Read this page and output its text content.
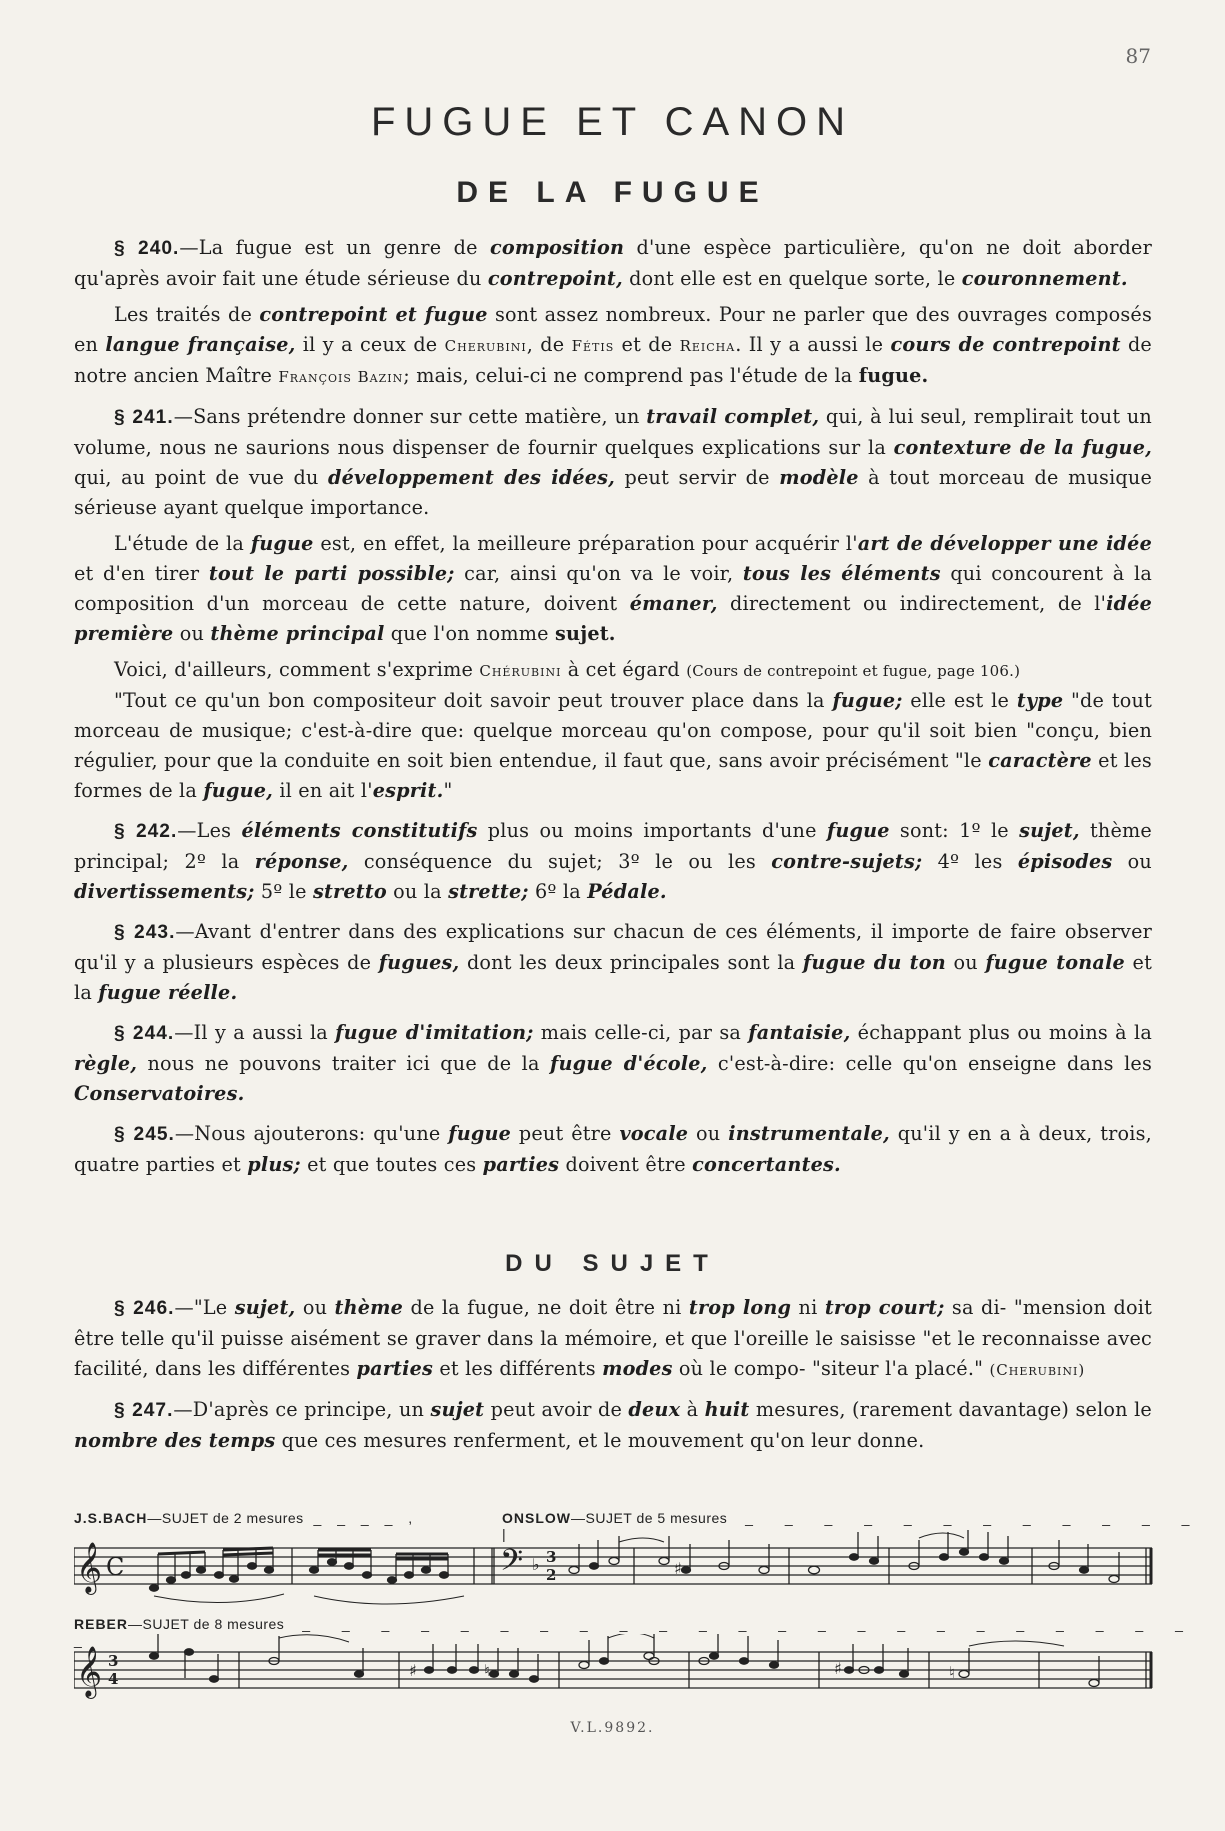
87
FUGUE ET CANON
DE LA FUGUE

§ 240.—La fugue est un genre de composition d'une espèce particulière, qu'on ne doit aborder qu'après avoir fait une étude sérieuse du contrepoint, dont elle est en quelque sorte, le couronnement.

Les traités de contrepoint et fugue sont assez nombreux. Pour ne parler que des ouvrages composés en langue française, il y a ceux de Cherubini, de Fétis et de Reicha. Il y a aussi le cours de contrepoint de notre ancien Maître François Bazin; mais, celui-ci ne comprend pas l'étude de la fugue.

§ 241.—Sans prétendre donner sur cette matière, un travail complet, qui, à lui seul, remplirait tout un volume, nous ne saurions nous dispenser de fournir quelques explications sur la contexture de la fugue, qui, au point de vue du développement des idées, peut servir de modèle à tout morceau de musique sérieuse ayant quelque importance.

L'étude de la fugue est, en effet, la meilleure préparation pour acquérir l'art de développer une idée et d'en tirer tout le parti possible; car, ainsi qu'on va le voir, tous les éléments qui concourent à la composition d'un morceau de cette nature, doivent émaner, directement ou indirectement, de l'idée première ou thème principal que l'on nomme sujet.

Voici, d'ailleurs, comment s'exprime Chérubini à cet égard (Cours de contrepoint et fugue, page 106.)

"Tout ce qu'un bon compositeur doit savoir peut trouver place dans la fugue; elle est le type "de tout morceau de musique; c'est-à-dire que: quelque morceau qu'on compose, pour qu'il soit bien "conçu, bien régulier, pour que la conduite en soit bien entendue, il faut que, sans avoir précisément "le caractère et les formes de la fugue, il en ait l'esprit."

§ 242.—Les éléments constitutifs plus ou moins importants d'une fugue sont: 1º le sujet, thème principal; 2º la réponse, conséquence du sujet; 3º le ou les contre-sujets; 4º les épisodes ou divertissements; 5º le stretto ou la strette; 6º la Pédale.

§ 243.—Avant d'entrer dans des explications sur chacun de ces éléments, il importe de faire observer qu'il y a plusieurs espèces de fugues, dont les deux principales sont la fugue du ton ou fugue tonale et la fugue réelle.

§ 244.—Il y a aussi la fugue d'imitation; mais celle-ci, par sa fantaisie, échappant plus ou moins à la règle, nous ne pouvons traiter ici que de la fugue d'école, c'est-à-dire: celle qu'on enseigne dans les Conservatoires.

§ 245.—Nous ajouterons: qu'une fugue peut être vocale ou instrumentale, qu'il y en a à deux, trois, quatre parties et plus; et que toutes ces parties doivent être concertantes.

DU SUJET

§ 246.—"Le sujet, ou thème de la fugue, ne doit être ni trop long ni trop court; sa di- "mension doit être telle qu'il puisse aisément se graver dans la mémoire, et que l'oreille le saisisse "et le reconnaisse avec facilité, dans les différentes parties et les différents modes où le compo- "siteur l'a placé." (Cherubini)

§ 247.—D'après ce principe, un sujet peut avoir de deux à huit mesures, (rarement davantage) selon le nombre des temps que ces mesures renferment, et le mouvement qu'on leur donne.

J.S.BACH—SUJET de 2 mesures _ _ _ _ ,	ONSLOW—SUJET de 5 mesures _ _ _ _ _ _ _ _ _ _ _ _ |
𝄞 C	𝄢 ♭ 3
2	♯
REBER—SUJET de 8 mesures _ _ _ _ _ _ _ _ _ _ _ _ _ _ _ _ _ _ _ _ _ _ _ _
𝄞 3
4	♯	♮	♯	♮
V.L.9892.
